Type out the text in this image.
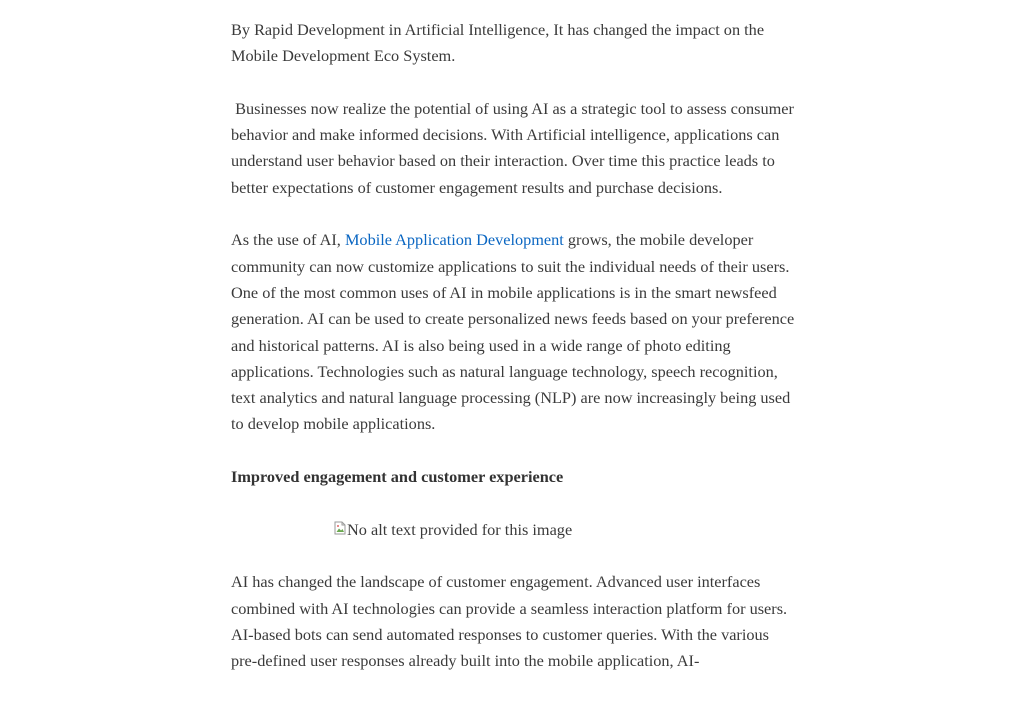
By Rapid Development in Artificial Intelligence, It has changed the impact on the Mobile Development Eco System.

Businesses now realize the potential of using AI as a strategic tool to assess consumer behavior and make informed decisions. With Artificial intelligence, applications can understand user behavior based on their interaction. Over time this practice leads to better expectations of customer engagement results and purchase decisions.

As the use of AI, Mobile Application Development grows, the mobile developer community can now customize applications to suit the individual needs of their users. One of the most common uses of AI in mobile applications is in the smart newsfeed generation. AI can be used to create personalized news feeds based on your preference and historical patterns. AI is also being used in a wide range of photo editing applications. Technologies such as natural language technology, speech recognition, text analytics and natural language processing (NLP) are now increasingly being used to develop mobile applications.

Improved engagement and customer experience
No alt text provided for this image

AI has changed the landscape of customer engagement. Advanced user interfaces combined with AI technologies can provide a seamless interaction platform for users. AI-based bots can send automated responses to customer queries. With the various pre-defined user responses already built into the mobile application, AI-
